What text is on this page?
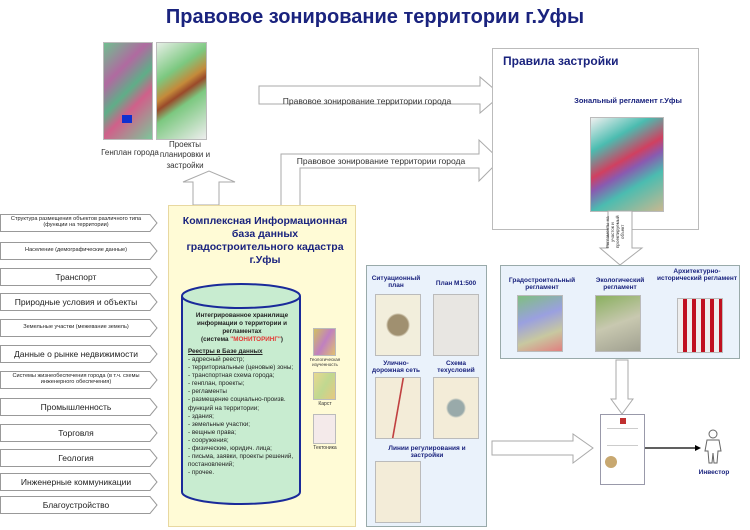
Правовое зонирование территории г.Уфы
Генплан города
Проекты планировки и застройки
Правовое зонирование территории города
Правовое зонирование территории города
Правила застройки
Зональный регламент г.Уфы
Регламенты на участок и проектируемый объект
Градостроительный регламент
Экологический регламент
Архитектурно-исторический регламент
Структура размещения объектов различного типа (функции на территории)
Население (демографические данные)
Транспорт
Природные условия и объекты
Земельные участки (межевание земель)
Данные о рынке недвижимости
Системы жизнеобеспечения города (в т.ч. схемы инженерного обеспечения)
Промышленность
Торговля
Геология
Инженерные коммуникации
Благоустройство
Комплексная Информационная база данных градостроительного кадастра г.Уфы
Интегрированное хранилище информации о территории и регламентах
(система "МОНИТОРИНГ")
Реестры в Базе данных
- адресный реестр;
- территориальные (ценовые) зоны;
- транспортная схема города;
- генплан, проекты;
- регламенты
- размещение социально-произв. функций на территории;
- здания;
- земельные участки;
- вещные права;
- сооружения;
- физические, юридич. лица;
- письма, заявки, проекты решений, постановлений;
- прочее.
Геологическая изученность
Карст
Тектоника
Ситуационный план	План М1:500
Улично-дорожная сеть
Схема техусловий
Линии регулирования и застройки
Инвестор
